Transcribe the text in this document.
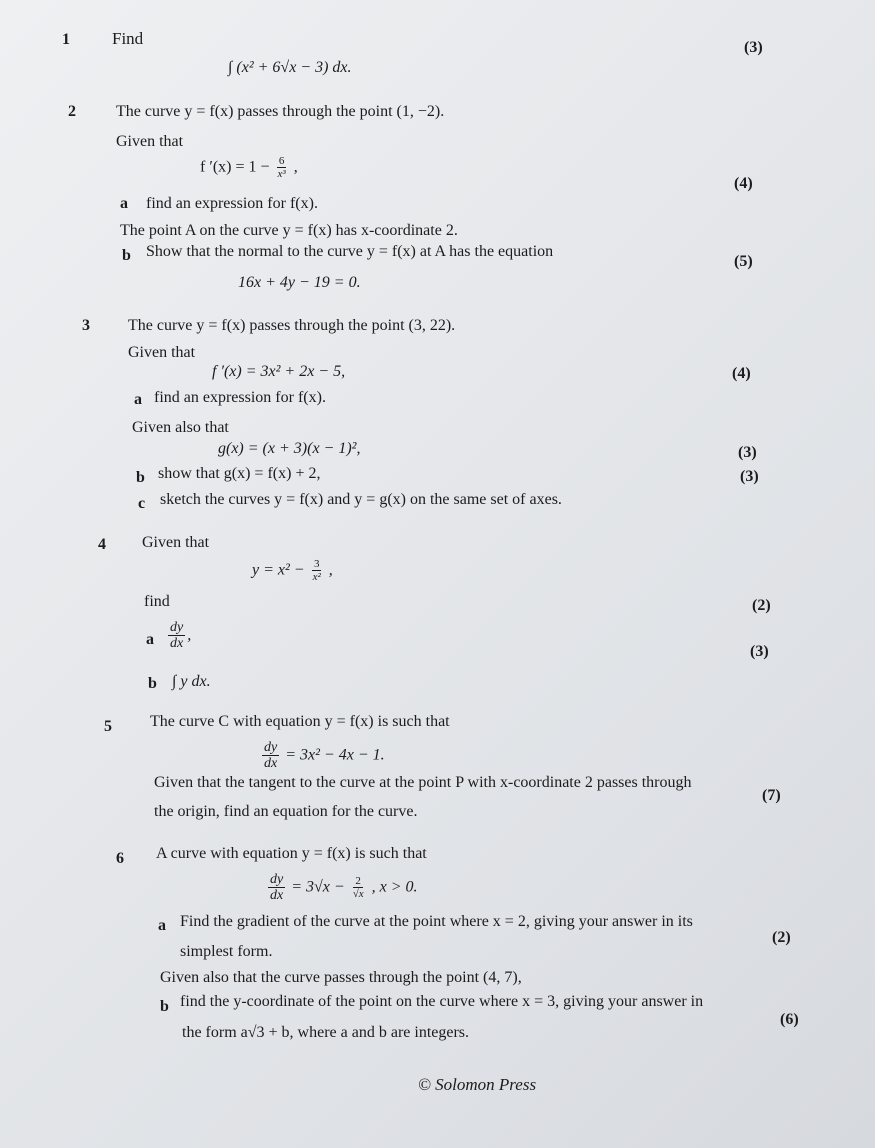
1 Find
∫ (x² + 6√x − 3) dx.
(3)
2	The curve y = f(x) passes through the point (1, −2).
Given that
f $'(x) = 1 - \frac{6}{\text{x³}}$ ,
(4)
a find an expression for f(x).
The point A on the curve y = f(x) has x-coordinate 2.
b Show that the normal to the curve y = f(x) at A has the equation
(5)
16x + 4y − 19 = 0.
3 The curve y = f(x) passes through the point (3, 22).
Given that
f ′(x) = 3x² + 2x − 5,	(4)
a find an expression for f(x).
Given also that
g(x) = (x + 3)(x − 1)²,	(3)
b show that g(x) = f(x) + 2,	(3)
c sketch the curves y = f(x) and y = g(x) on the same set of axes.
4 Given that
$y = x^2 - \frac{3}{\text{x²}}$ ,
find	(2)
a $\frac{dy}{dx}$ ,
(3)
b ∫ y dx.
5 The curve C with equation y = f(x) is such that
$\frac{dy}{dx} = 3x^2 - 4x - 1$.
Given that the tangent to the curve at the point P with x-coordinate 2 passes through
(7)
the origin, find an equation for the curve.
6 A curve with equation y = f(x) is such that
$\frac{dy}{dx} = 3√x - \frac{2}{√x}$ , x > 0.
a Find the gradient of the curve at the point where x = 2, giving your answer in its
(2)
simplest form.
Given also that the curve passes through the point (4, 7),
b find the y-coordinate of the point on the curve where x = 3, giving your answer in
(6)
the form a√3 + b, where a and b are integers.
© Solomon Press
